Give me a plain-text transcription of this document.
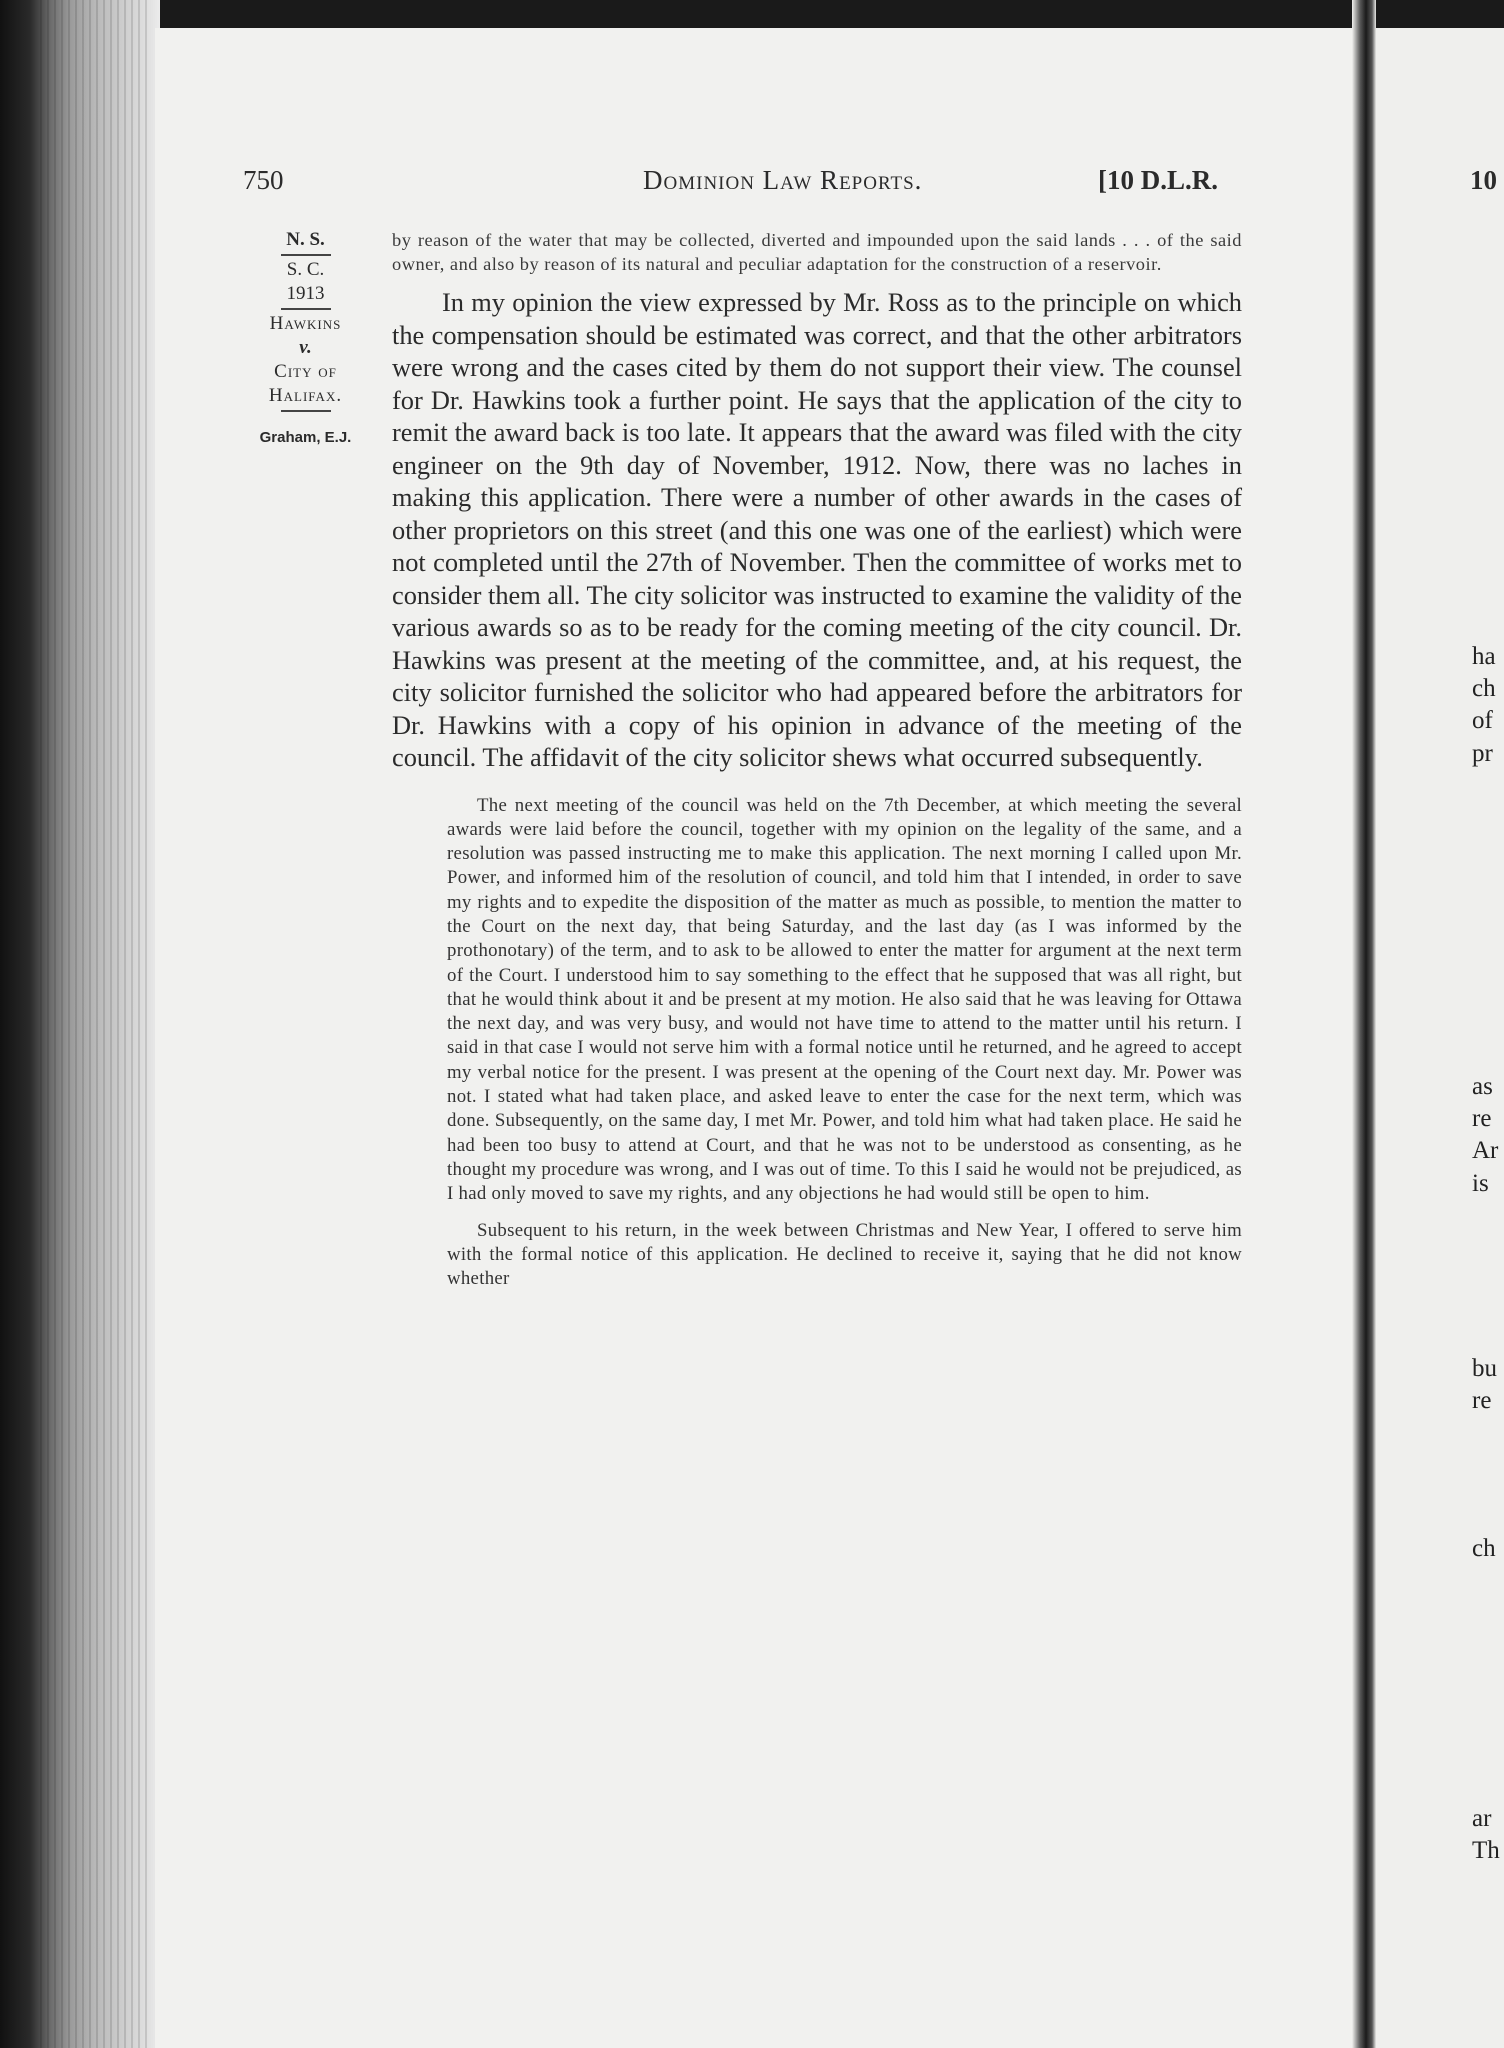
750	Dominion Law Reports.	[10 D.L.R.
N. S.
S. C.
1913
Hawkins
v.
City of
Halifax.
Graham, E.J.
by reason of the water that may be collected, diverted and impounded upon the said lands . . . of the said owner, and also by reason of its natural and peculiar adaptation for the construction of a reservoir.
In my opinion the view expressed by Mr. Ross as to the principle on which the compensation should be estimated was correct, and that the other arbitrators were wrong and the cases cited by them do not support their view. The counsel for Dr. Hawkins took a further point. He says that the application of the city to remit the award back is too late. It appears that the award was filed with the city engineer on the 9th day of November, 1912. Now, there was no laches in making this application. There were a number of other awards in the cases of other proprietors on this street (and this one was one of the earliest) which were not completed until the 27th of November. Then the committee of works met to consider them all. The city solicitor was instructed to examine the validity of the various awards so as to be ready for the coming meeting of the city council. Dr. Hawkins was present at the meeting of the committee, and, at his request, the city solicitor furnished the solicitor who had appeared before the arbitrators for Dr. Hawkins with a copy of his opinion in advance of the meeting of the council. The affidavit of the city solicitor shews what occurred subsequently.
The next meeting of the council was held on the 7th December, at which meeting the several awards were laid before the council, together with my opinion on the legality of the same, and a resolution was passed instructing me to make this application. The next morning I called upon Mr. Power, and informed him of the resolution of council, and told him that I intended, in order to save my rights and to expedite the disposition of the matter as much as possible, to mention the matter to the Court on the next day, that being Saturday, and the last day (as I was informed by the prothonotary) of the term, and to ask to be allowed to enter the matter for argument at the next term of the Court. I understood him to say something to the effect that he supposed that was all right, but that he would think about it and be present at my motion. He also said that he was leaving for Ottawa the next day, and was very busy, and would not have time to attend to the matter until his return. I said in that case I would not serve him with a formal notice until he returned, and he agreed to accept my verbal notice for the present. I was present at the opening of the Court next day. Mr. Power was not. I stated what had taken place, and asked leave to enter the case for the next term, which was done. Subsequently, on the same day, I met Mr. Power, and told him what had taken place. He said he had been too busy to attend at Court, and that he was not to be understood as consenting, as he thought my procedure was wrong, and I was out of time. To this I said he would not be prejudiced, as I had only moved to save my rights, and any objections he had would still be open to him.
Subsequent to his return, in the week between Christmas and New Year, I offered to serve him with the formal notice of this application. He declined to receive it, saying that he did not know whether
10
ha
ch
of
pr
as
re
Ar
is
bu
re
ch
ar
Th
